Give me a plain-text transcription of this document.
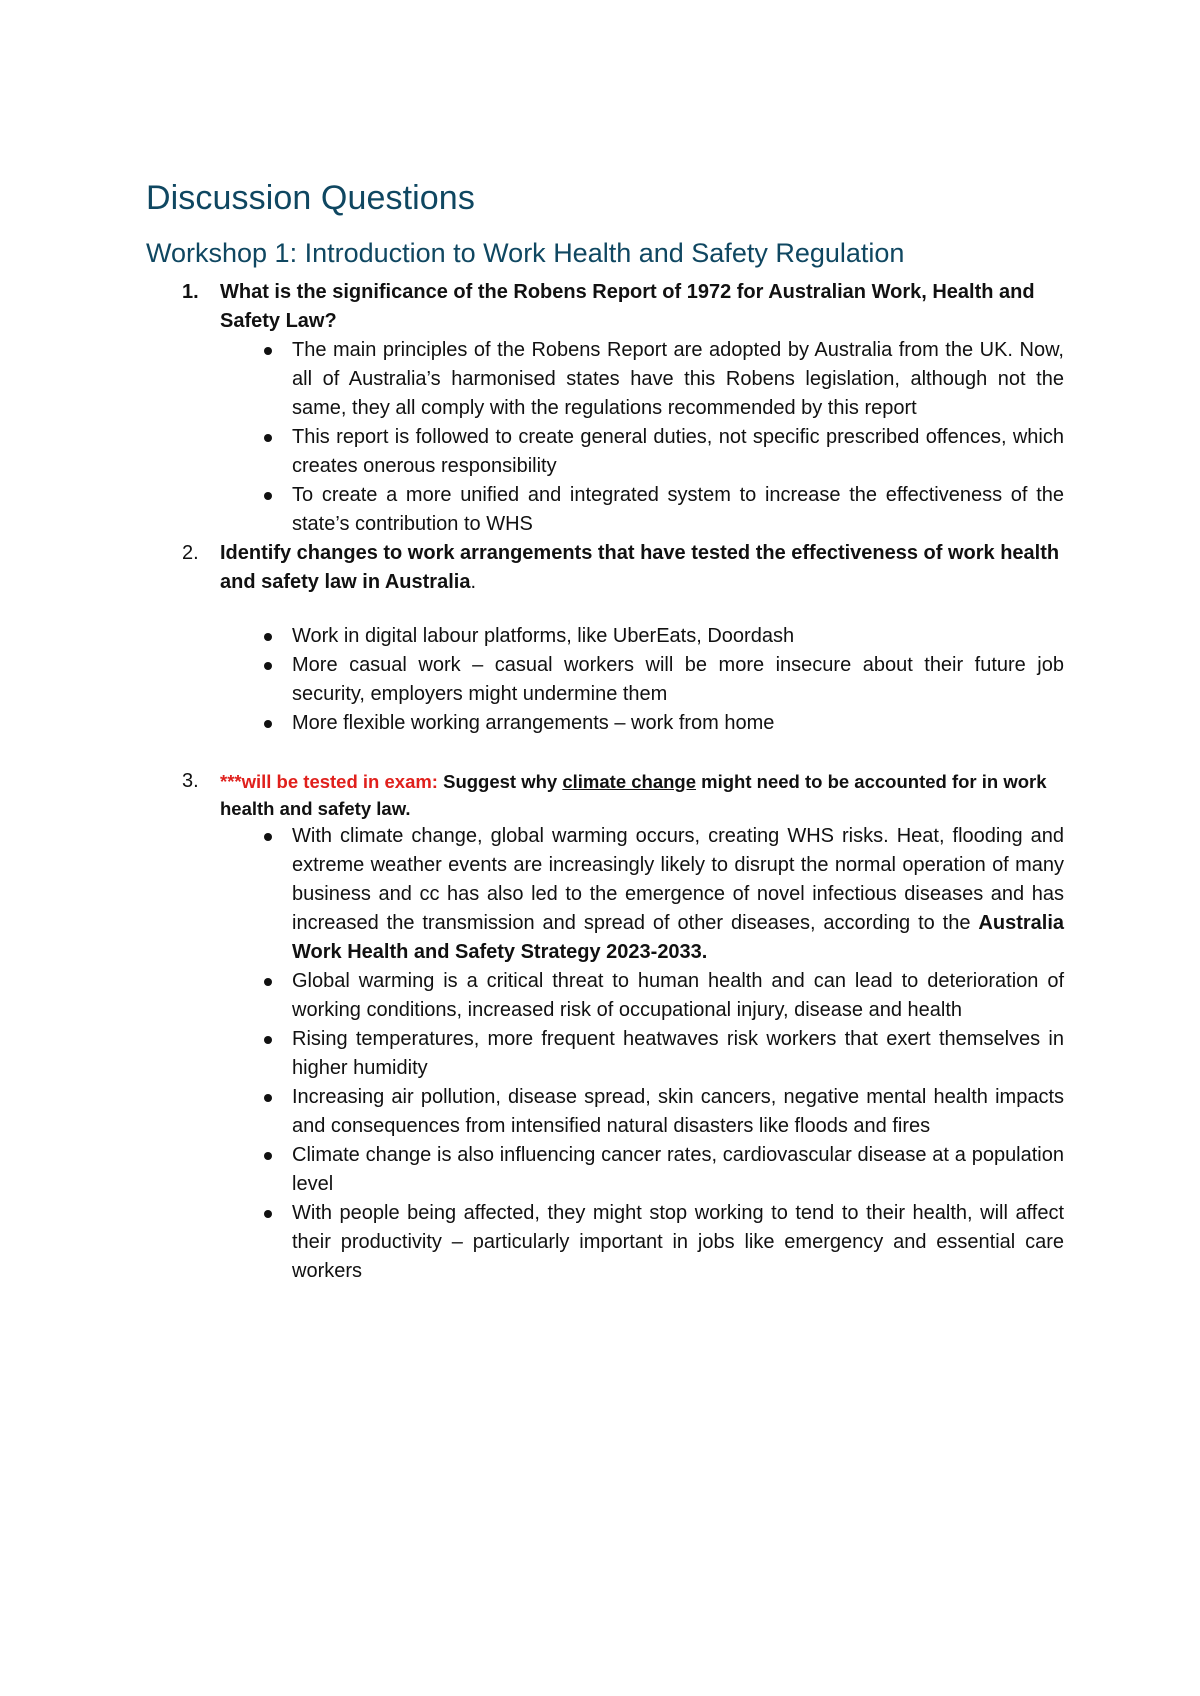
Discussion Questions
Workshop 1: Introduction to Work Health and Safety Regulation
1. What is the significance of the Robens Report of 1972 for Australian Work, Health and Safety Law?
The main principles of the Robens Report are adopted by Australia from the UK. Now, all of Australia’s harmonised states have this Robens legislation, although not the same, they all comply with the regulations recommended by this report
This report is followed to create general duties, not specific prescribed offences, which creates onerous responsibility
To create a more unified and integrated system to increase the effectiveness of the state’s contribution to WHS
2. Identify changes to work arrangements that have tested the effectiveness of work health and safety law in Australia.
Work in digital labour platforms, like UberEats, Doordash
More casual work – casual workers will be more insecure about their future job security, employers might undermine them
More flexible working arrangements – work from home
3. ***will be tested in exam: Suggest why climate change might need to be accounted for in work health and safety law.
With climate change, global warming occurs, creating WHS risks. Heat, flooding and extreme weather events are increasingly likely to disrupt the normal operation of many business and cc has also led to the emergence of novel infectious diseases and has increased the transmission and spread of other diseases, according to the Australia Work Health and Safety Strategy 2023-2033.
Global warming is a critical threat to human health and can lead to deterioration of working conditions, increased risk of occupational injury, disease and health
Rising temperatures, more frequent heatwaves risk workers that exert themselves in higher humidity
Increasing air pollution, disease spread, skin cancers, negative mental health impacts and consequences from intensified natural disasters like floods and fires
Climate change is also influencing cancer rates, cardiovascular disease at a population level
With people being affected, they might stop working to tend to their health, will affect their productivity – particularly important in jobs like emergency and essential care workers
